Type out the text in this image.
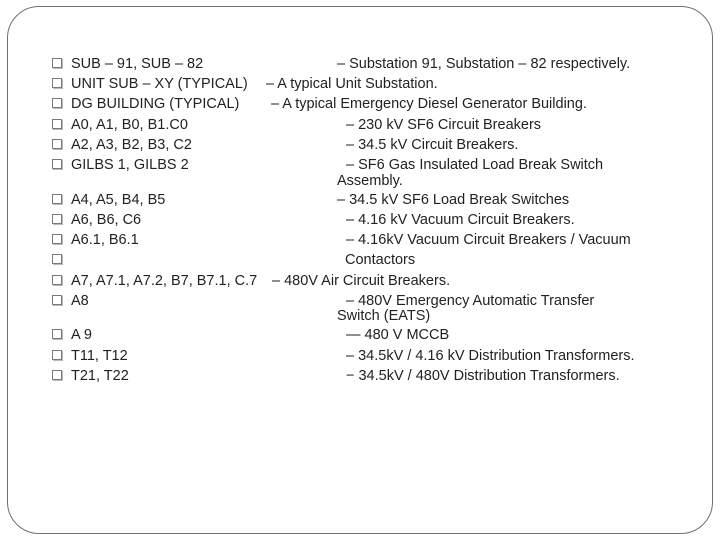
SUB – 91, SUB – 82	– Substation 91, Substation – 82 respectively.
UNIT SUB – XY (TYPICAL) – A typical Unit Substation.
DG BUILDING (TYPICAL) – A typical Emergency Diesel Generator Building.
A0, A1, B0, B1.C0	– 230 kV SF6 Circuit Breakers
A2, A3, B2, B3, C2	– 34.5 kV Circuit Breakers.
GILBS 1, GILBS 2	– SF6 Gas Insulated Load Break Switch
Assembly.
A4, A5, B4, B5	– 34.5 kV SF6 Load Break Switches
A6, B6, C6	– 4.16 kV Vacuum Circuit Breakers.
A6.1, B6.1	– 4.16kV Vacuum Circuit Breakers / Vacuum
Contactors
A7, A7.1, A7.2, B7, B7.1, C.7 – 480V Air Circuit Breakers.
A8	– 480V Emergency Automatic Transfer
Switch (EATS)
A 9	— 480 V MCCB
T11, T12	– 34.5kV / 4.16 kV Distribution Transformers.
T21, T22	− 34.5kV / 480V Distribution Transformers.
